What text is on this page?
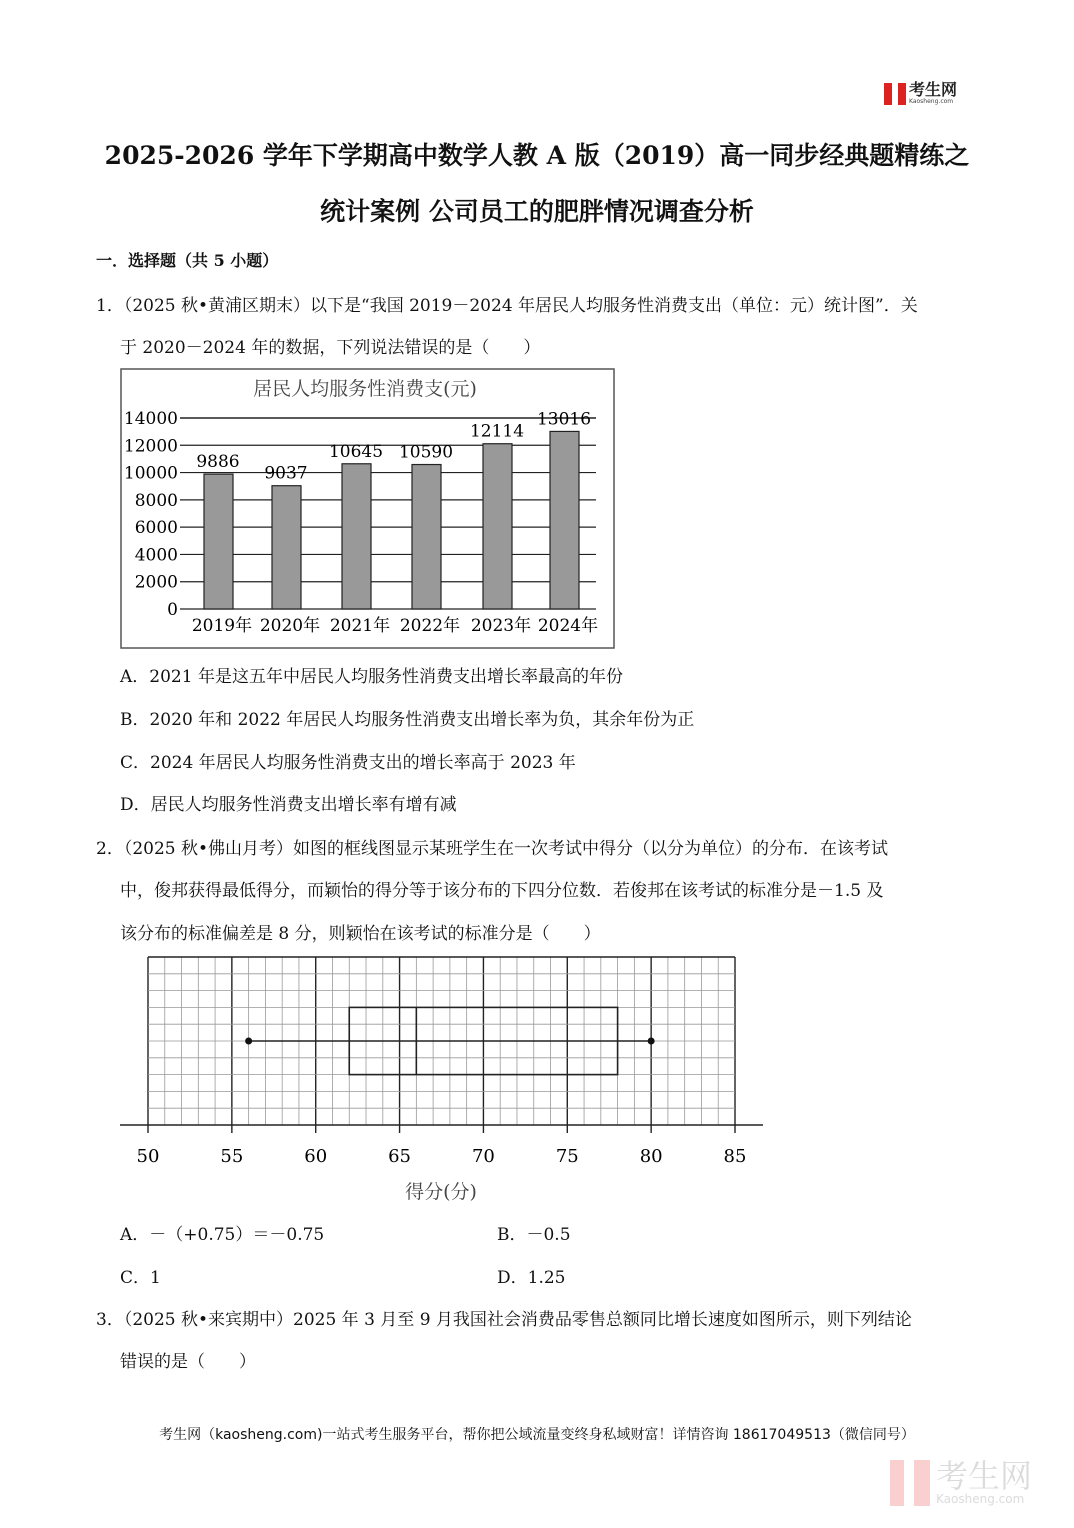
考生网
Kaosheng.com
2025-2026 学年下学期高中数学人教 A 版（2019）高一同步经典题精练之
统计案例 公司员工的肥胖情况调查分析
一．选择题（共 5 小题）
1．（2025 秋•黄浦区期末）以下是“我国 2019－2024 年居民人均服务性消费支出（单位：元）统计图”．关
于 2020－2024 年的数据，下列说法错误的是（　　）
居民人均服务性消费支(元)
0
2000
4000
6000
8000
10000
12000
14000
9886
2019年
9037
2020年
10645
2021年
10590
2022年
12114
2023年
13016
2024年
A．2021 年是这五年中居民人均服务性消费支出增长率最高的年份
B．2020 年和 2022 年居民人均服务性消费支出增长率为负，其余年份为正
C．2024 年居民人均服务性消费支出的增长率高于 2023 年
D．居民人均服务性消费支出增长率有增有减
2．（2025 秋•佛山月考）如图的框线图显示某班学生在一次考试中得分（以分为单位）的分布．在该考试
中，俊邦获得最低得分，而颖怡的得分等于该分布的下四分位数．若俊邦在该考试的标准分是－1.5 及
该分布的标准偏差是 8 分，则颖怡在该考试的标准分是（　　）
50	55	60	65	70	75	80	85
得分(分)
A．－（+0.75）＝－0.75	B．－0.5
C．1	D．1.25
3．（2025 秋•来宾期中）2025 年 3 月至 9 月我国社会消费品零售总额同比增长速度如图所示，则下列结论
错误的是（　　）
考生网（kaosheng.com)一站式考生服务平台，帮你把公域流量变终身私域财富！详情咨询 18617049513（微信同号）
考生网
Kaosheng.com
